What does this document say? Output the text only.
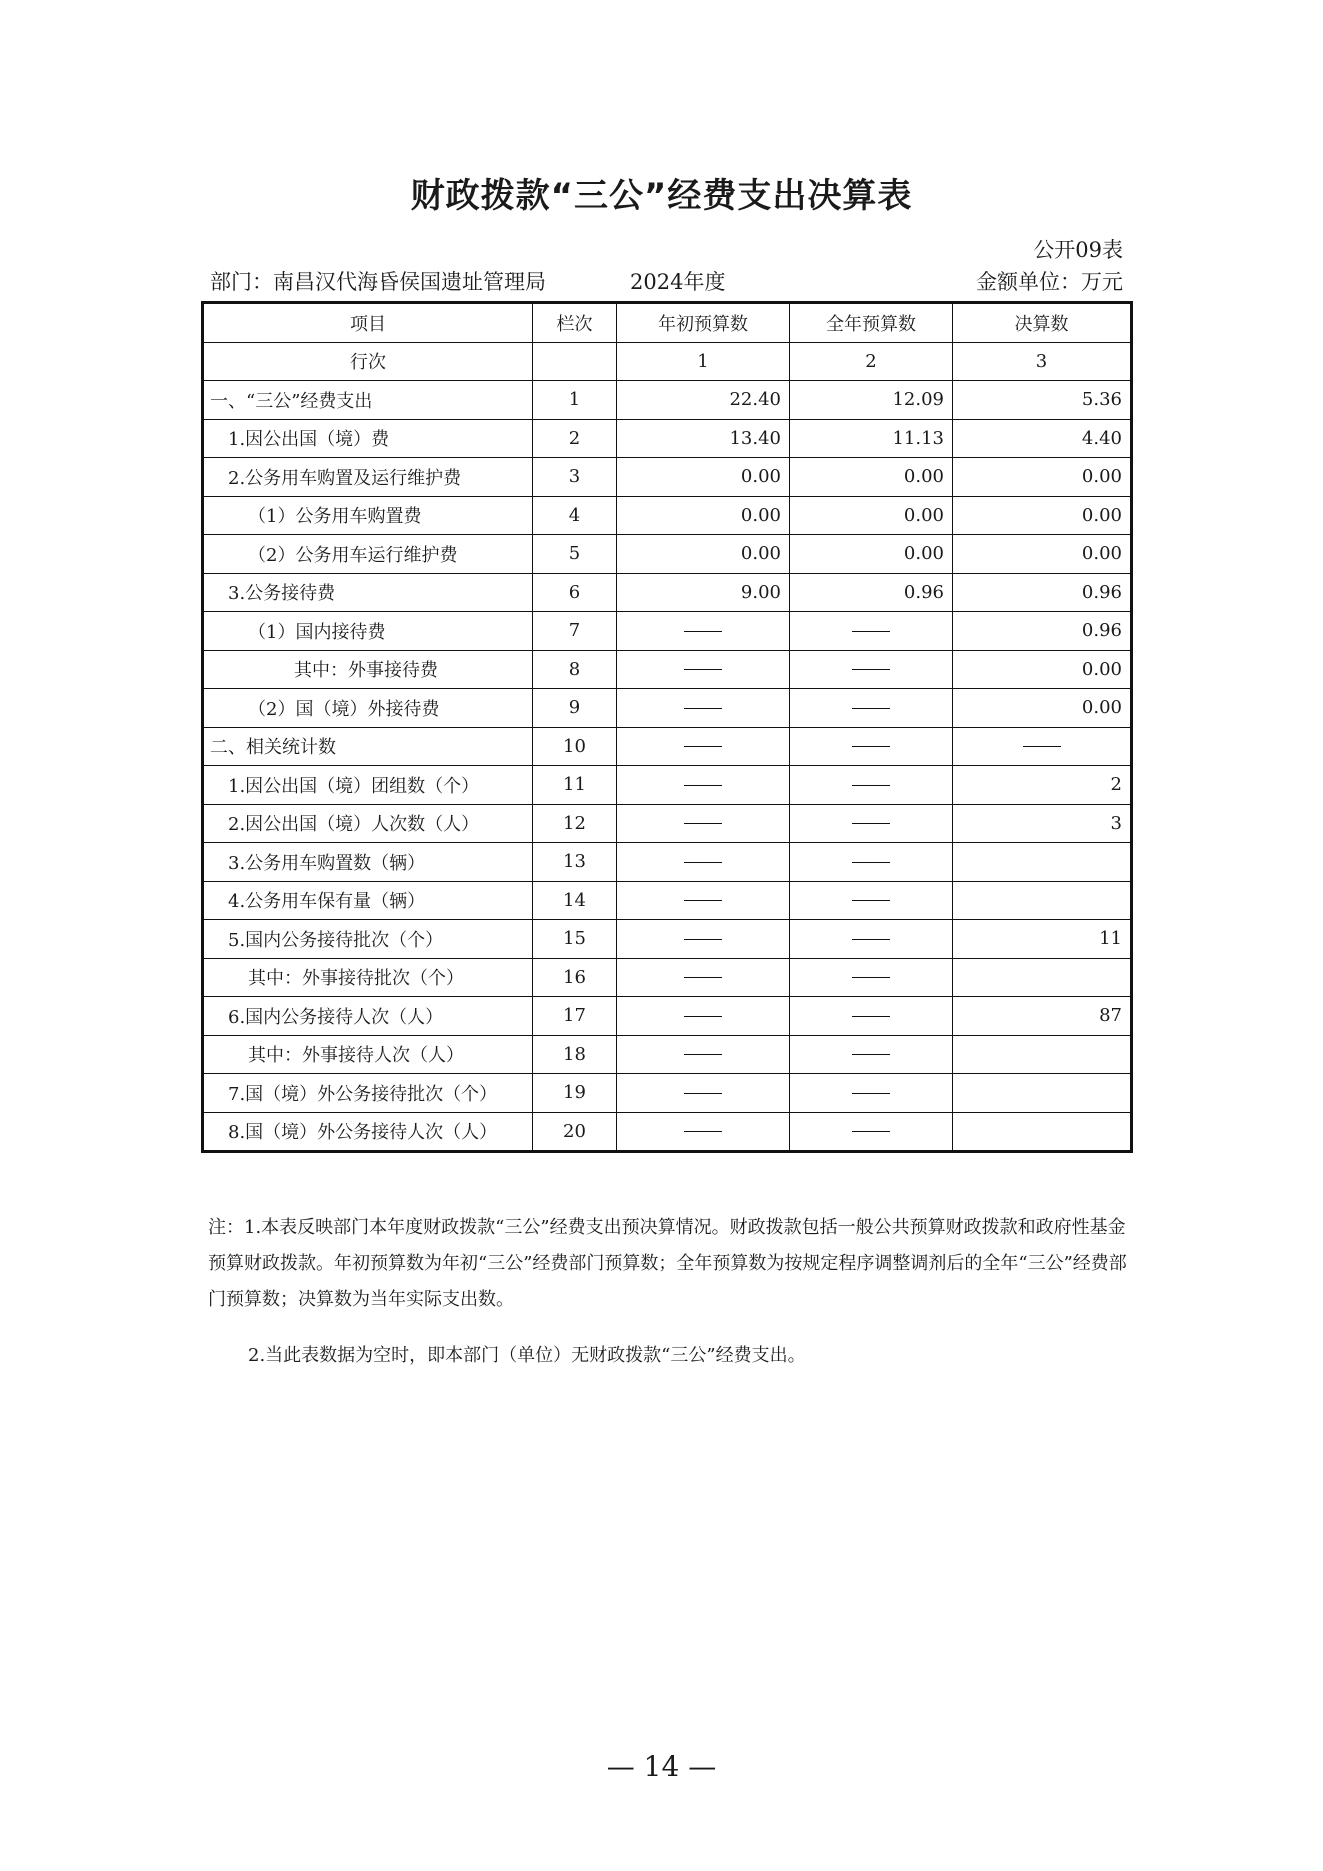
财政拨款“三公”经费支出决算表
公开09表
部门：南昌汉代海昏侯国遗址管理局	2024年度	金额单位：万元
项目	栏次	年初预算数	全年预算数	决算数
行次		1	2	3
一、“三公”经费支出	1	22.40	12.09	5.36
1.因公出国（境）费	2	13.40	11.13	4.40
2.公务用车购置及运行维护费	3	0.00	0.00	0.00
（1）公务用车购置费	4	0.00	0.00	0.00
（2）公务用车运行维护费	5	0.00	0.00	0.00
3.公务接待费	6	9.00	0.96	0.96
（1）国内接待费	7			0.96
其中：外事接待费	8			0.00
（2）国（境）外接待费	9			0.00
二、相关统计数	10			
1.因公出国（境）团组数（个）	11			2
2.因公出国（境）人次数（人）	12			3
3.公务用车购置数（辆）	13			
4.公务用车保有量（辆）	14			
5.国内公务接待批次（个）	15			11
其中：外事接待批次（个）	16			
6.国内公务接待人次（人）	17			87
其中：外事接待人次（人）	18			
7.国（境）外公务接待批次（个）	19			
8.国（境）外公务接待人次（人）	20			

注：1.本表反映部门本年度财政拨款“三公”经费支出预决算情况。财政拨款包括一般公共预算财政拨款和政府性基金预算财政拨款。年初预算数为年初“三公”经费部门预算数；全年预算数为按规定程序调整调剂后的全年“三公”经费部门预算数；决算数为当年实际支出数。

2.当此表数据为空时，即本部门（单位）无财政拨款“三公”经费支出。

— 14 —
